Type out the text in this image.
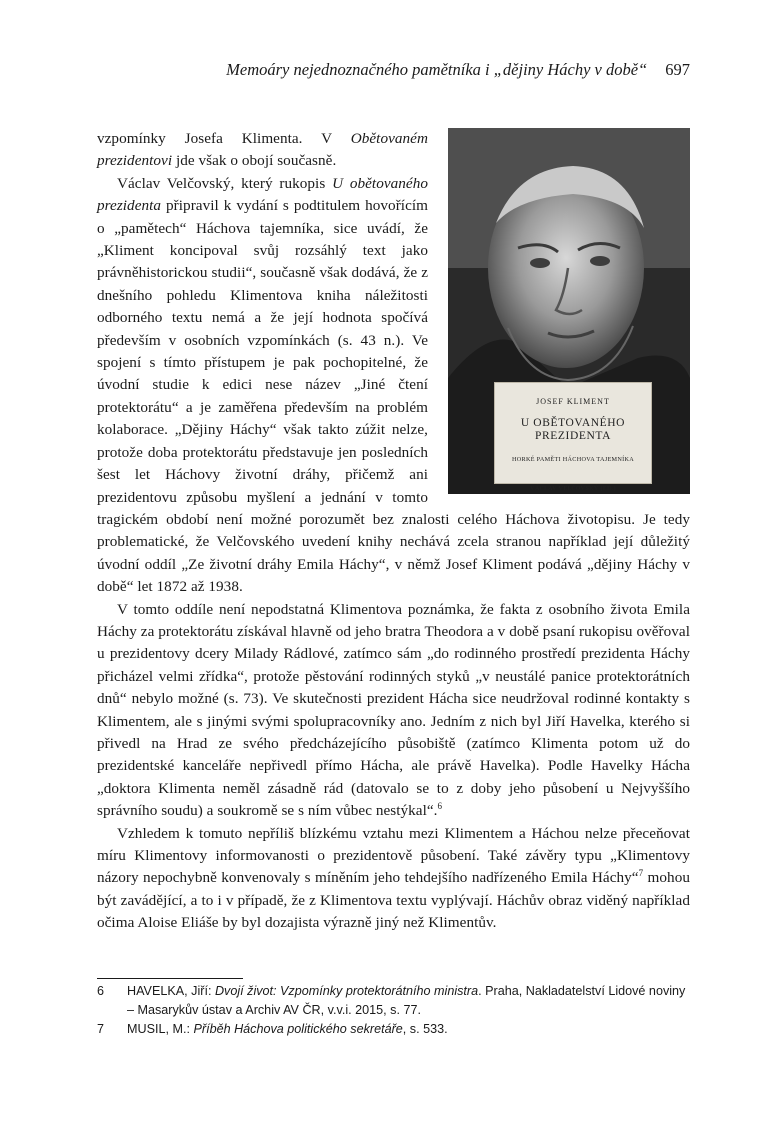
Memoáry nejednoznačného pamětníka i „dějiny Háchy v době“ 697
JOSEF KLIMENT
U OBĚTOVANÉHO
PREZIDENTA
HORKÉ PAMĚTI HÁCHOVA TAJEMNÍKA
VÁCLAV VELČOVSKÝ (ED.)

vzpomínky Josefa Klimenta. V Obětovaném prezidentovi jde však o obojí současně.

Václav Velčovský, který rukopis U obětovaného prezidenta připravil k vydání s podtitulem hovořícím o „pamětech“ Háchova tajemníka, sice uvádí, že „Kliment koncipoval svůj rozsáhlý text jako právněhistorickou studii“, současně však dodává, že z dnešního pohledu Klimentova kniha náležitosti odborného textu nemá a že její hodnota spočívá především v osobních vzpomínkách (s. 43 n.). Ve spojení s tímto přístupem je pak pochopitelné, že úvodní studie k edici nese název „Jiné čtení protektorátu“ a je zaměřena především na problém kolaborace. „Dějiny Háchy“ však takto zúžit nelze, protože doba protektorátu představuje jen posledních šest let Háchovy životní dráhy, přičemž ani prezidentovu způsobu myšlení a jednání v tomto tragickém období není možné porozumět bez znalosti celého Háchova životopisu. Je tedy problematické, že Velčovského uvedení knihy nechává zcela stranou například její důležitý úvodní oddíl „Ze životní dráhy Emila Háchy“, v němž Josef Kliment podává „dějiny Háchy v době“ let 1872 až 1938.

V tomto oddíle není nepodstatná Klimentova poznámka, že fakta z osobního života Emila Háchy za protektorátu získával hlavně od jeho bratra Theodora a v době psaní rukopisu ověřoval u prezidentovy dcery Milady Rádlové, zatímco sám „do rodinného prostředí prezidenta Háchy přicházel velmi zřídka“, protože pěstování rodinných styků „v neustálé panice protektorátních dnů“ nebylo možné (s. 73). Ve skutečnosti prezident Hácha sice neudržoval rodinné kontakty s Klimentem, ale s jinými svými spolupracovníky ano. Jedním z nich byl Jiří Havelka, kterého si přivedl na Hrad ze svého předcházejícího působiště (zatímco Klimenta potom už do prezidentské kanceláře nepřivedl přímo Hácha, ale právě Havelka). Podle Havelky Hácha „doktora Klimenta neměl zásadně rád (datovalo se to z doby jeho působení u Nejvyššího správního soudu) a soukromě se s ním vůbec nestýkal“.$^6$

Vzhledem k tomuto nepříliš blízkému vztahu mezi Klimentem a Háchou nelze přeceňovat míru Klimentovy informovanosti o prezidentově působení. Také závěry typu „Klimentovy názory nepochybně konvenovaly s míněním jeho tehdejšího nadřízeného Emila Háchy“$^7$ mohou být zavádějící, a to i v případě, že z Klimentova textu vyplývají. Háchův obraz viděný například očima Aloise Eliáše by byl dozajista výrazně jiný než Klimentův.

6	HAVELKA, Jiří: Dvojí život: Vzpomínky protektorátního ministra. Praha, Nakladatelství Lidové noviny – Masarykův ústav a Archiv AV ČR, v.v.i. 2015, s. 77.
7	MUSIL, M.: Příběh Háchova politického sekretáře, s. 533.
